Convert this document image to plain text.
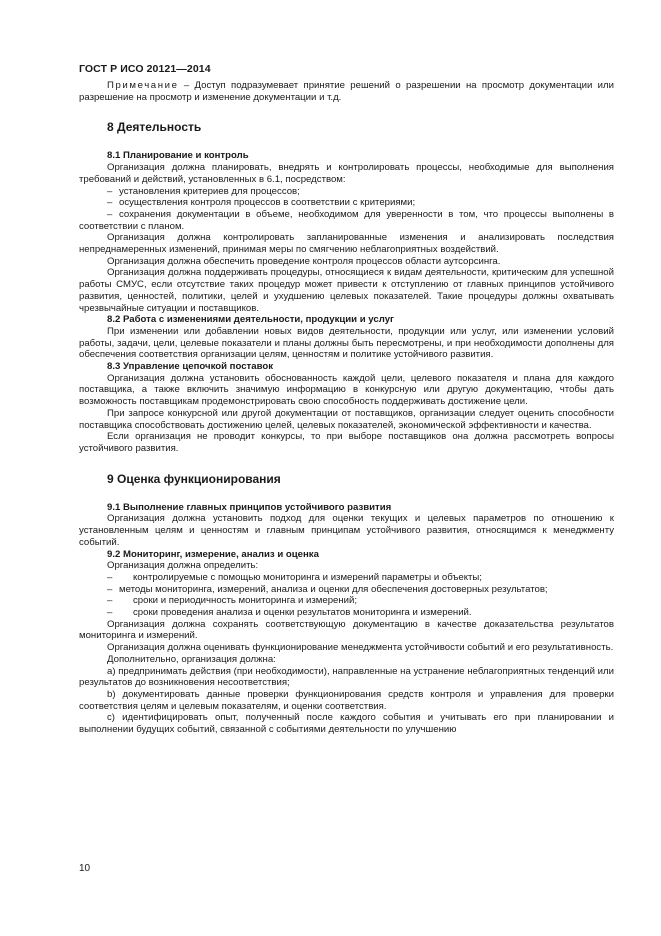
ГОСТ Р ИСО 20121—2014

Примечание – Доступ подразумевает принятие решений о разрешении на просмотр документации или разрешение на просмотр и изменение документации и т.д.

8 Деятельность
8.1 Планирование и контроль

Организация должна планировать, внедрять и контролировать процессы, необходимые для выполнения требований и действий, установленных в 6.1, посредством:

– установления критериев для процессов;

– осуществления контроля процессов в соответствии с критериями;

– сохранения документации в объеме, необходимом для уверенности в том, что процессы выполнены в соответствии с планом.

Организация должна контролировать запланированные изменения и анализировать последствия непреднамеренных изменений, принимая меры по смягчению неблагоприятных воздействий.

Организация должна обеспечить проведение контроля процессов области аутсорсинга.

Организация должна поддерживать процедуры, относящиеся к видам деятельности, критическим для успешной работы СМУС, если отсутствие таких процедур может привести к отступлению от главных принципов устойчивого развития, ценностей, политики, целей и ухудшению целевых показателей. Такие процедуры должны охватывать чрезвычайные ситуации и поставщиков.

8.2 Работа с изменениями деятельности, продукции и услуг

При изменении или добавлении новых видов деятельности, продукции или услуг, или изменении условий работы, задачи, цели, целевые показатели и планы должны быть пересмотрены, и при необходимости дополнены для обеспечения соответствия организации целям, ценностям и политике устойчивого развития.

8.3 Управление цепочкой поставок

Организация должна установить обоснованность каждой цели, целевого показателя и плана для каждого поставщика, а также включить значимую информацию в конкурсную или другую документацию, чтобы дать возможность поставщикам продемонстрировать свою способность поддерживать достижение цели.

При запросе конкурсной или другой документации от поставщиков, организации следует оценить способности поставщика способствовать достижению целей, целевых показателей, экономической эффективности и качества.

Если организация не проводит конкурсы, то при выборе поставщиков она должна рассмотреть вопросы устойчивого развития.

9 Оценка функционирования
9.1 Выполнение главных принципов устойчивого развития

Организация должна установить подход для оценки текущих и целевых параметров по отношению к установленным целям и ценностям и главным принципам устойчивого развития, относящимся к менеджменту событий.

9.2 Мониторинг, измерение, анализ и оценка

Организация должна определить:

– контролируемые с помощью мониторинга и измерений параметры и объекты;

– методы мониторинга, измерений, анализа и оценки для обеспечения достоверных результатов;

– сроки и периодичность мониторинга и измерений;

– сроки проведения анализа и оценки результатов мониторинга и измерений.

Организация должна сохранять соответствующую документацию в качестве доказательства результатов мониторинга и измерений.

Организация должна оценивать функционирование менеджмента устойчивости событий и его результативность.

Дополнительно, организация должна:

а) предпринимать действия (при необходимости), направленные на устранение неблагоприятных тенденций или результатов до возникновения несоответствия;

b) документировать данные проверки функционирования средств контроля и управления для проверки соответствия целям и целевым показателям, и оценки соответствия.

с) идентифицировать опыт, полученный после каждого события и учитывать его при планировании и выполнении будущих событий, связанной с событиями деятельности по улучшению

10
